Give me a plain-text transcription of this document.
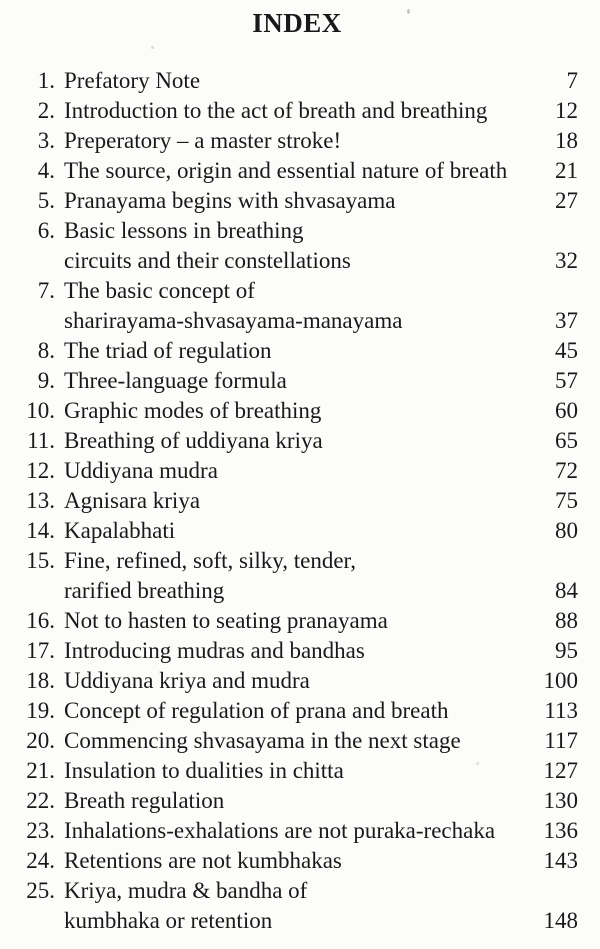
INDEX
1. Prefatory Note	7
2. Introduction to the act of breath and breathing	12
3. Preperatory – a master stroke!	18
4. The source, origin and essential nature of breath	21
5. Pranayama begins with shvasayama	27
6. Basic lessons in breathing
circuits and their constellations	32
7. The basic concept of
sharirayama-shvasayama-manayama	37
8. The triad of regulation	45
9. Three-language formula	57
10. Graphic modes of breathing	60
11. Breathing of uddiyana kriya	65
12. Uddiyana mudra	72
13. Agnisara kriya	75
14. Kapalabhati	80
15. Fine, refined, soft, silky, tender,
rarified breathing	84
16. Not to hasten to seating pranayama	88
17. Introducing mudras and bandhas	95
18. Uddiyana kriya and mudra	100
19. Concept of regulation of prana and breath	113
20. Commencing shvasayama in the next stage	117
21. Insulation to dualities in chitta	127
22. Breath regulation	130
23. Inhalations-exhalations are not puraka-rechaka	136
24. Retentions are not kumbhakas	143
25. Kriya, mudra & bandha of
kumbhaka or retention	148
